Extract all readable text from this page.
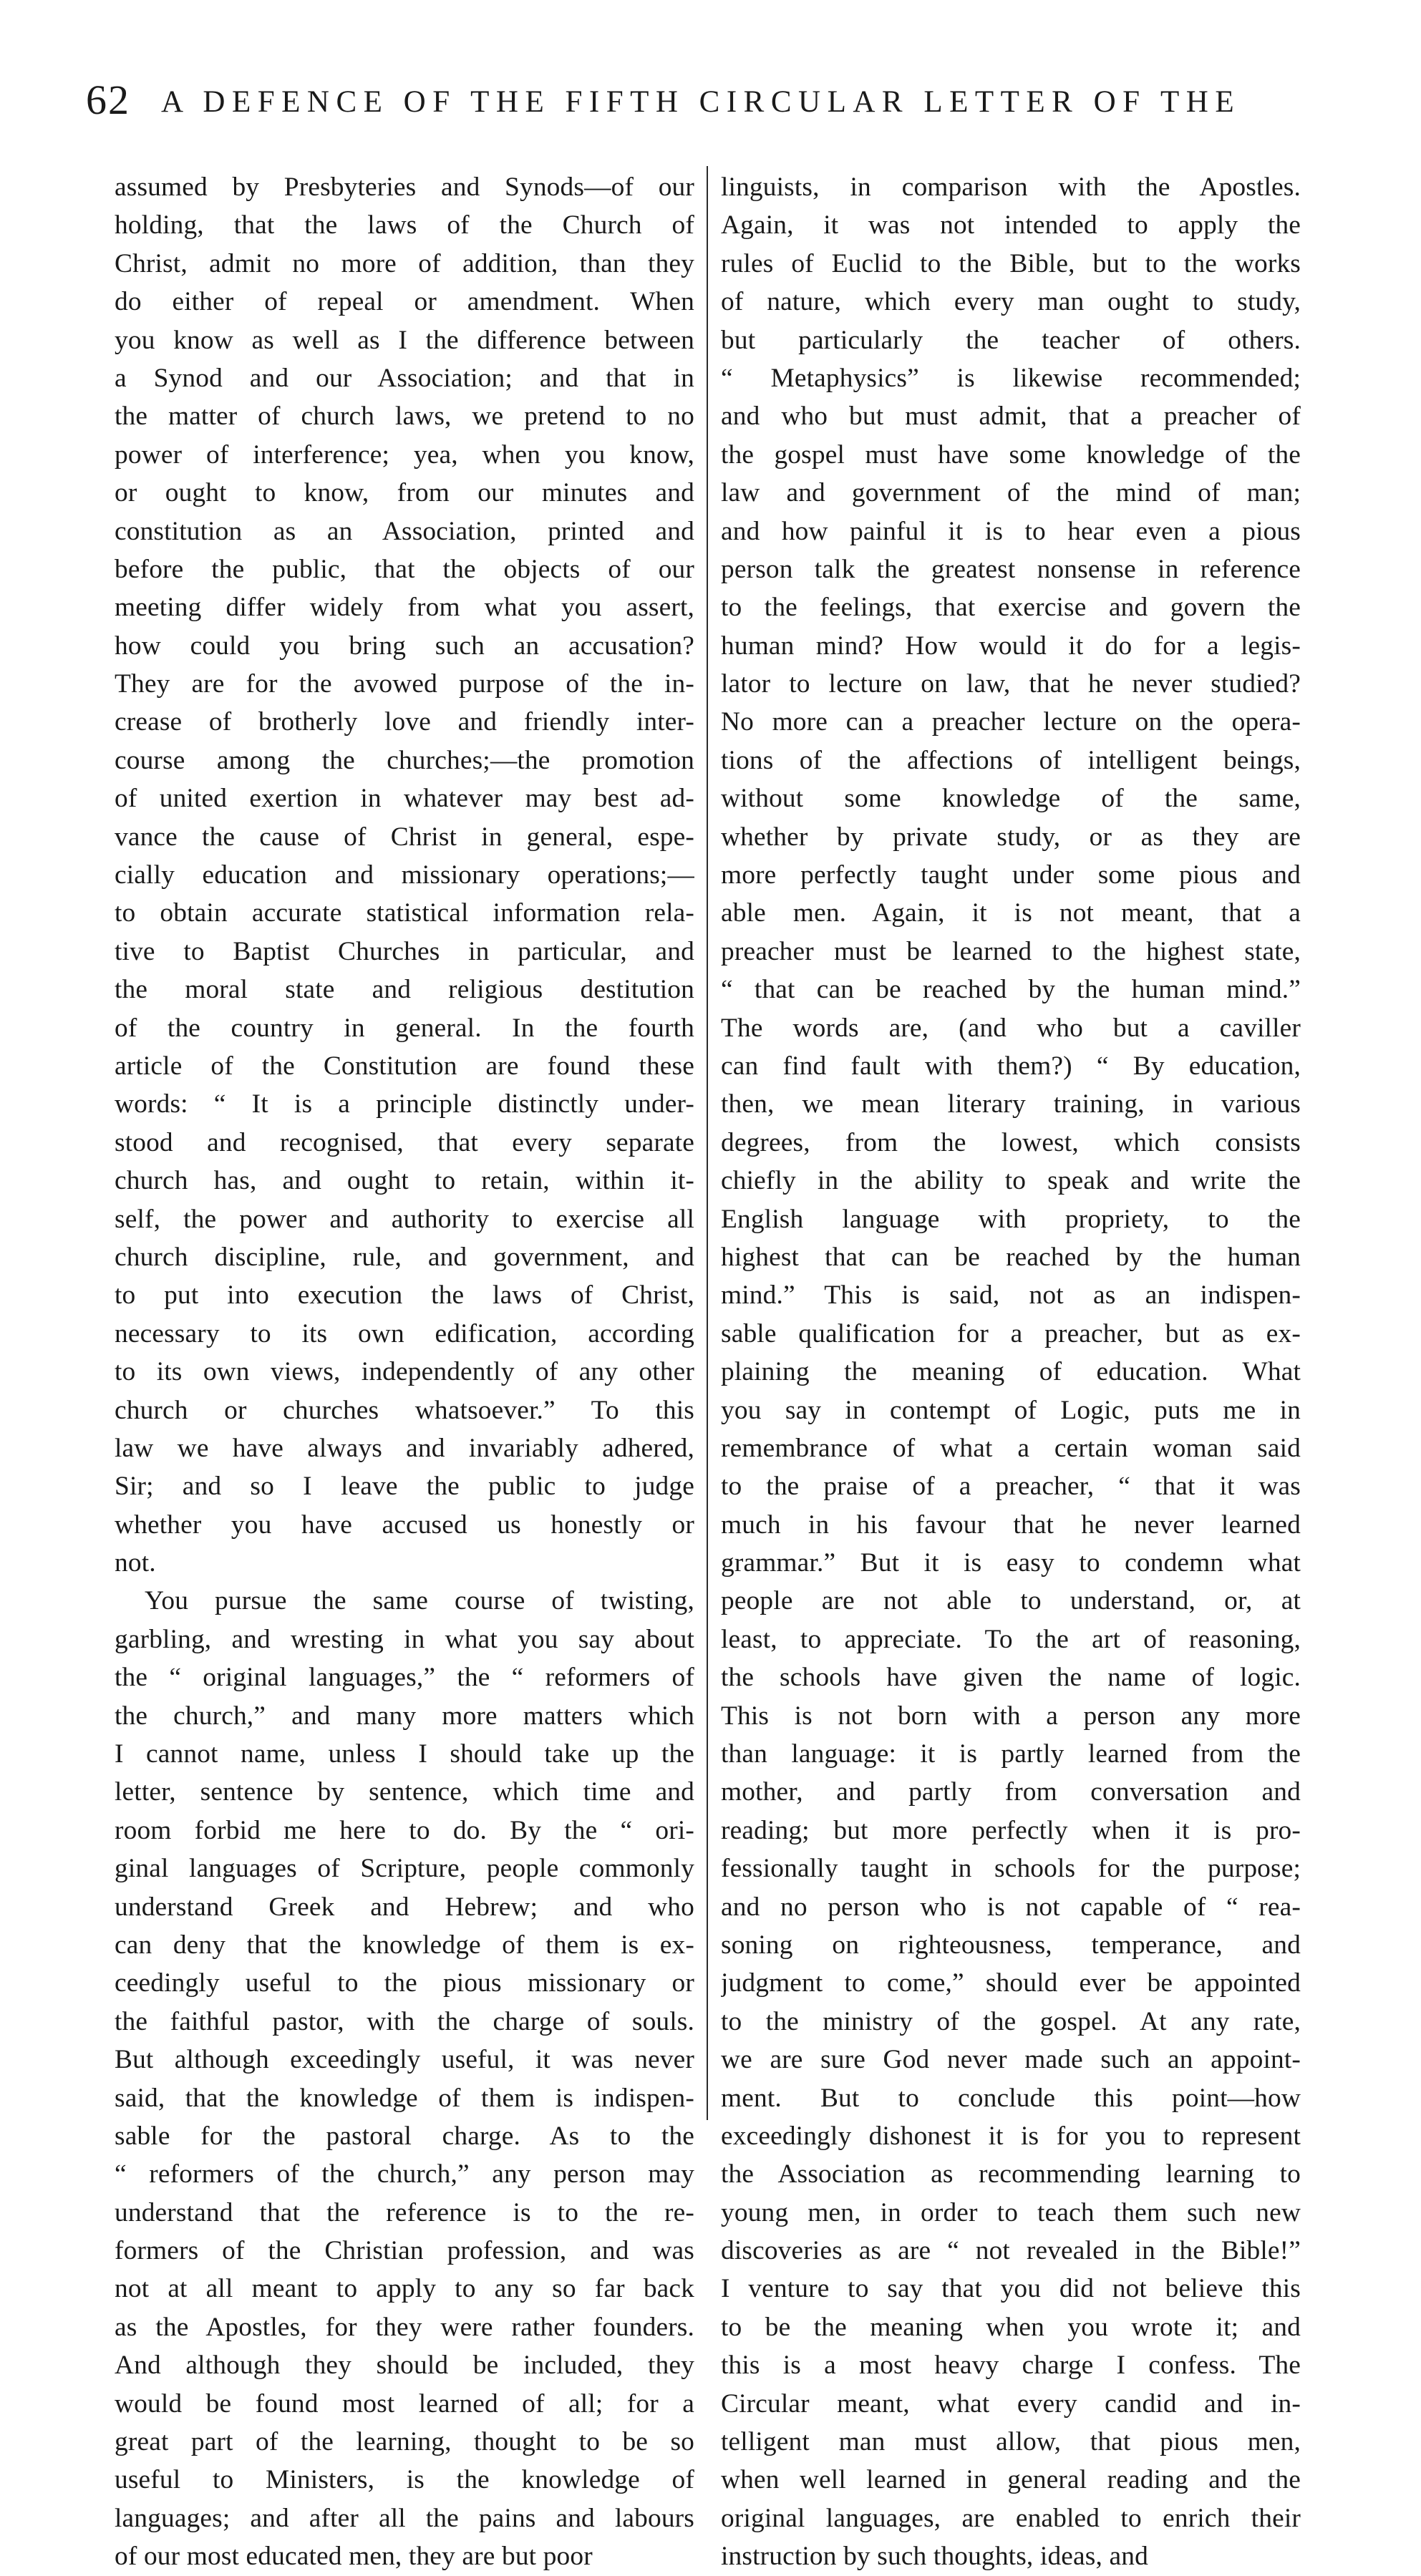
62 A DEFENCE OF THE FIFTH CIRCULAR LETTER OF THE
assumed by Presbyteries and Synods—of our
holding, that the laws of the Church of
Christ, admit no more of addition, than they
do either of repeal or amendment. When
you know as well as I the difference between
a Synod and our Association; and that in
the matter of church laws, we pretend to no
power of interference; yea, when you know,
or ought to know, from our minutes and
constitution as an Association, printed and
before the public, that the objects of our
meeting differ widely from what you assert,
how could you bring such an accusation?
They are for the avowed purpose of the in-
crease of brotherly love and friendly inter-
course among the churches;—the promotion
of united exertion in whatever may best ad-
vance the cause of Christ in general, espe-
cially education and missionary operations;—
to obtain accurate statistical information rela-
tive to Baptist Churches in particular, and
the moral state and religious destitution
of the country in general. In the fourth
article of the Constitution are found these
words: “ It is a principle distinctly under-
stood and recognised, that every separate
church has, and ought to retain, within it-
self, the power and authority to exercise all
church discipline, rule, and government, and
to put into execution the laws of Christ,
necessary to its own edification, according
to its own views, independently of any other
church or churches whatsoever.” To this
law we have always and invariably adhered,
Sir; and so I leave the public to judge
whether you have accused us honestly or
not.
You pursue the same course of twisting,
garbling, and wresting in what you say about
the “ original languages,” the “ reformers of
the church,” and many more matters which
I cannot name, unless I should take up the
letter, sentence by sentence, which time and
room forbid me here to do. By the “ ori-
ginal languages of Scripture, people commonly
understand Greek and Hebrew; and who
can deny that the knowledge of them is ex-
ceedingly useful to the pious missionary or
the faithful pastor, with the charge of souls.
But although exceedingly useful, it was never
said, that the knowledge of them is indispen-
sable for the pastoral charge. As to the
“ reformers of the church,” any person may
understand that the reference is to the re-
formers of the Christian profession, and was
not at all meant to apply to any so far back
as the Apostles, for they were rather founders.
And although they should be included, they
would be found most learned of all; for a
great part of the learning, thought to be so
useful to Ministers, is the knowledge of
languages; and after all the pains and labours
of our most educated men, they are but poor
linguists, in comparison with the Apostles.
Again, it was not intended to apply the
rules of Euclid to the Bible, but to the works
of nature, which every man ought to study,
but particularly the teacher of others.
“ Metaphysics” is likewise recommended;
and who but must admit, that a preacher of
the gospel must have some knowledge of the
law and government of the mind of man;
and how painful it is to hear even a pious
person talk the greatest nonsense in reference
to the feelings, that exercise and govern the
human mind? How would it do for a legis-
lator to lecture on law, that he never studied?
No more can a preacher lecture on the opera-
tions of the affections of intelligent beings,
without some knowledge of the same,
whether by private study, or as they are
more perfectly taught under some pious and
able men. Again, it is not meant, that a
preacher must be learned to the highest state,
“ that can be reached by the human mind.”
The words are, (and who but a caviller
can find fault with them?) “ By education,
then, we mean literary training, in various
degrees, from the lowest, which consists
chiefly in the ability to speak and write the
English language with propriety, to the
highest that can be reached by the human
mind.” This is said, not as an indispen-
sable qualification for a preacher, but as ex-
plaining the meaning of education. What
you say in contempt of Logic, puts me in
remembrance of what a certain woman said
to the praise of a preacher, “ that it was
much in his favour that he never learned
grammar.” But it is easy to condemn what
people are not able to understand, or, at
least, to appreciate. To the art of reasoning,
the schools have given the name of logic.
This is not born with a person any more
than language: it is partly learned from the
mother, and partly from conversation and
reading; but more perfectly when it is pro-
fessionally taught in schools for the purpose;
and no person who is not capable of “ rea-
soning on righteousness, temperance, and
judgment to come,” should ever be appointed
to the ministry of the gospel. At any rate,
we are sure God never made such an appoint-
ment. But to conclude this point—how
exceedingly dishonest it is for you to represent
the Association as recommending learning to
young men, in order to teach them such new
discoveries as are “ not revealed in the Bible!”
I venture to say that you did not believe this
to be the meaning when you wrote it; and
this is a most heavy charge I confess. The
Circular meant, what every candid and in-
telligent man must allow, that pious men,
when well learned in general reading and the
original languages, are enabled to enrich their
instruction by such thoughts, ideas, and
